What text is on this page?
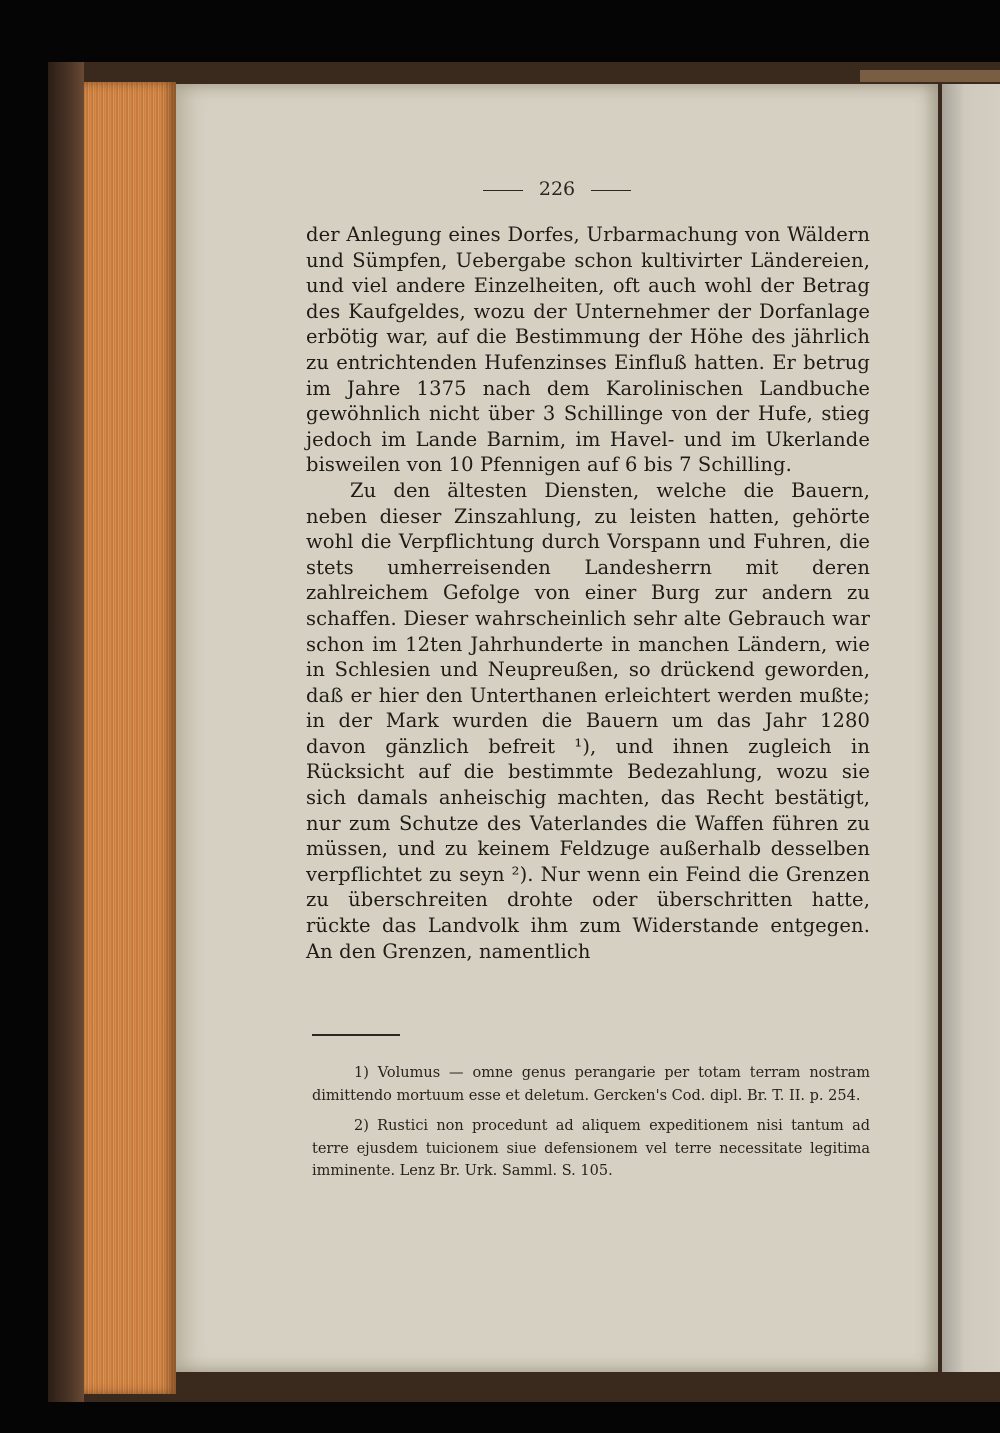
226

der Anlegung eines Dorfes, Urbarmachung von Wäldern und Sümpfen, Uebergabe schon kultivirter Ländereien, und viel andere Einzelheiten, oft auch wohl der Betrag des Kaufgeldes, wozu der Unternehmer der Dorfanlage erbötig war, auf die Bestimmung der Höhe des jährlich zu entrichtenden Hufenzinses Einfluß hatten. Er betrug im Jahre 1375 nach dem Karolinischen Landbuche gewöhnlich nicht über 3 Schillinge von der Hufe, stieg jedoch im Lande Barnim, im Havel- und im Ukerlande bisweilen von 10 Pfennigen auf 6 bis 7 Schilling.

Zu den ältesten Diensten, welche die Bauern, neben dieser Zinszahlung, zu leisten hatten, gehörte wohl die Verpflichtung durch Vorspann und Fuhren, die stets umherreisenden Landesherrn mit deren zahlreichem Gefolge von einer Burg zur andern zu schaffen. Dieser wahrscheinlich sehr alte Gebrauch war schon im 12ten Jahrhunderte in manchen Ländern, wie in Schlesien und Neupreußen, so drückend geworden, daß er hier den Unterthanen erleichtert werden mußte; in der Mark wurden die Bauern um das Jahr 1280 davon gänzlich befreit ¹), und ihnen zugleich in Rücksicht auf die bestimmte Bedezahlung, wozu sie sich damals anheischig machten, das Recht bestätigt, nur zum Schutze des Vaterlandes die Waffen führen zu müssen, und zu keinem Feldzuge außerhalb desselben verpflichtet zu seyn ²). Nur wenn ein Feind die Grenzen zu überschreiten drohte oder überschritten hatte, rückte das Landvolk ihm zum Widerstande entgegen. An den Grenzen, namentlich

1) Volumus — omne genus perangarie per totam terram nostram dimittendo mortuum esse et deletum. Gercken's Cod. dipl. Br. T. II. p. 254.

2) Rustici non procedunt ad aliquem expeditionem nisi tantum ad terre ejusdem tuicionem siue defensionem vel terre necessitate legitima imminente. Lenz Br. Urk. Samml. S. 105.
